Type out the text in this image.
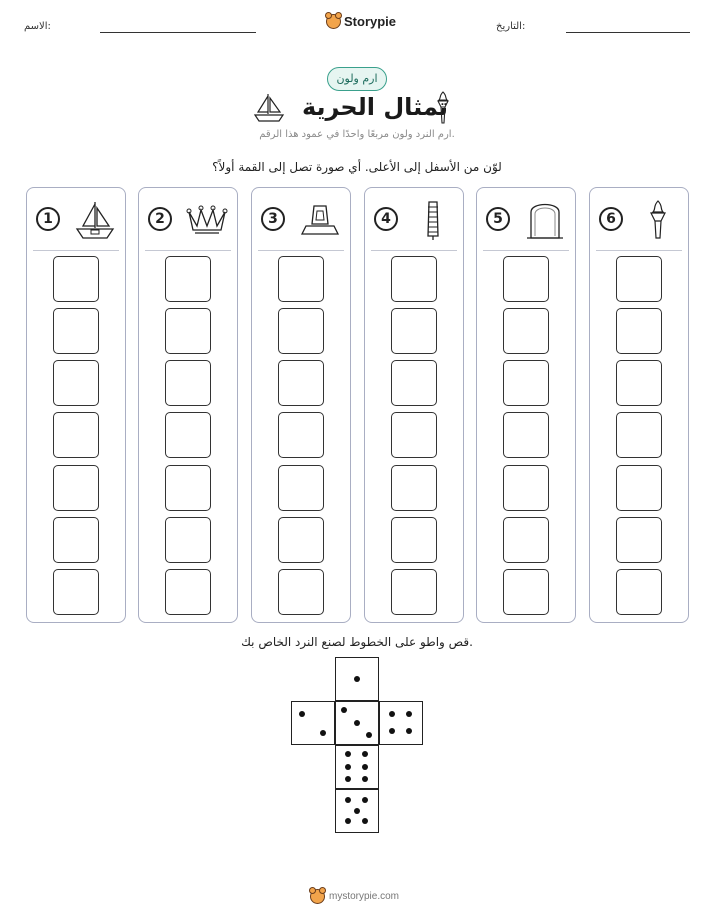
الاسم:	Storypie	التاريخ:
ارم ولون
تمثال الحرية
ارم النرد ولون مربعًا واحدًا في عمود هذا الرقم.
لوّن من الأسفل إلى الأعلى. أي صورة تصل إلى القمة أولاً؟
1	2	3	4	5	6
قص واطو على الخطوط لصنع النرد الخاص بك.
mystorypie.com
